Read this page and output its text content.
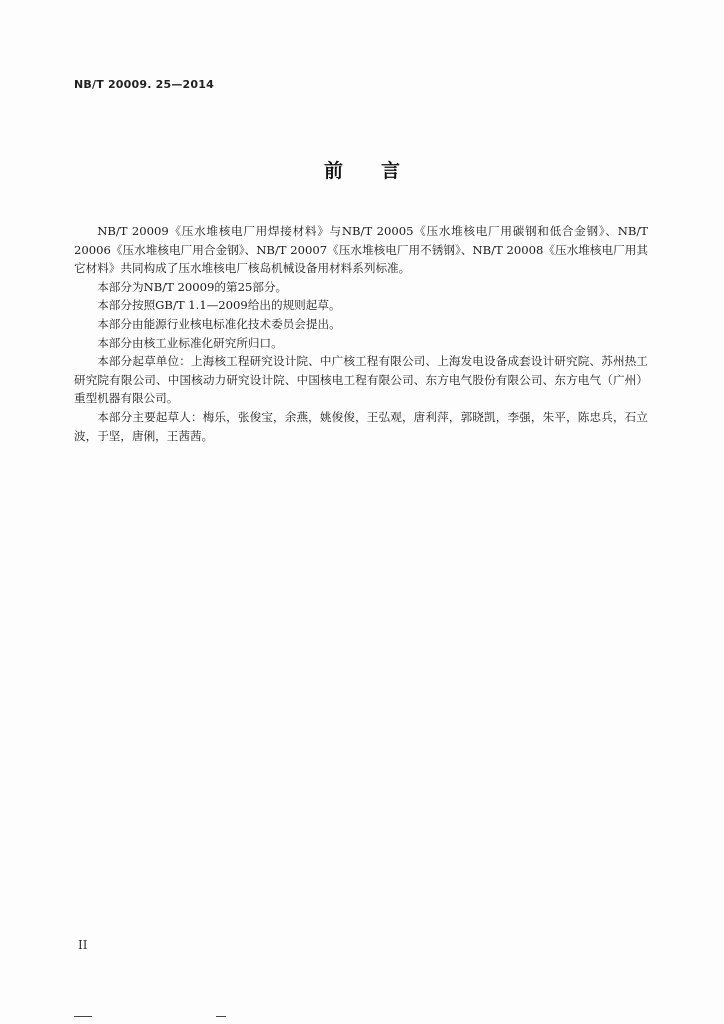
NB/T 20009. 25—2014
前言

NB/T 20009《压水堆核电厂用焊接材料》与NB/T 20005《压水堆核电厂用碳钢和低合金钢》、NB/T 20006《压水堆核电厂用合金钢》、NB/T 20007《压水堆核电厂用不锈钢》、NB/T 20008《压水堆核电厂用其它材料》共同构成了压水堆核电厂核岛机械设备用材料系列标准。

本部分为NB/T 20009的第25部分。

本部分按照GB/T 1.1—2009给出的规则起草。

本部分由能源行业核电标准化技术委员会提出。

本部分由核工业标准化研究所归口。

本部分起草单位：上海核工程研究设计院、中广核工程有限公司、上海发电设备成套设计研究院、苏州热工研究院有限公司、中国核动力研究设计院、中国核电工程有限公司、东方电气股份有限公司、东方电气（广州）重型机器有限公司。

本部分主要起草人：梅乐，张俊宝，余燕，姚俊俊，王弘观，唐利萍，郭晓凯，李强，朱平，陈忠兵，石立波，于坚，唐俐，王茜茜。

II
